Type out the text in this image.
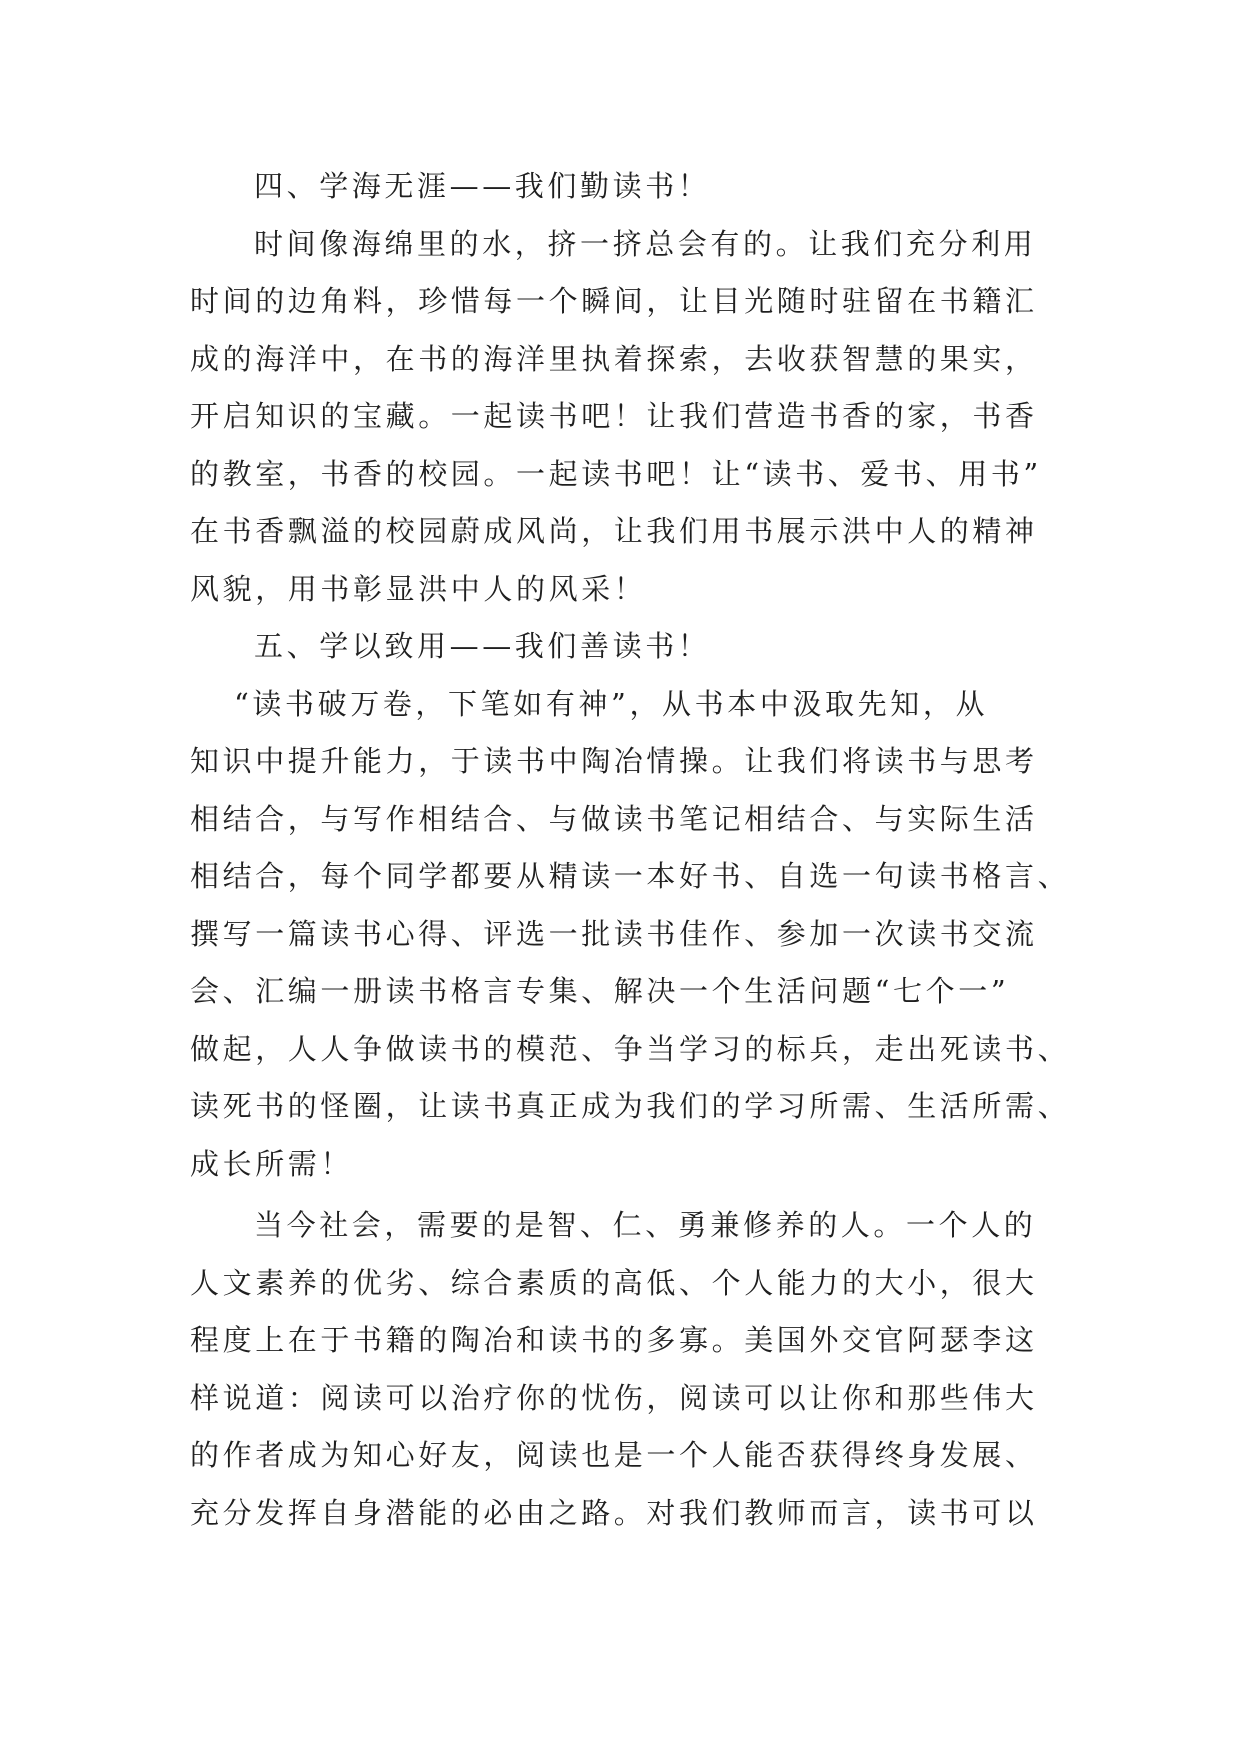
四、学海无涯——我们勤读书！
时间像海绵里的水，挤一挤总会有的。让我们充分利用
时间的边角料，珍惜每一个瞬间，让目光随时驻留在书籍汇
成的海洋中，在书的海洋里执着探索，去收获智慧的果实，
开启知识的宝藏。一起读书吧！让我们营造书香的家，书香
的教室，书香的校园。一起读书吧！让“读书、爱书、用书”
在书香飘溢的校园蔚成风尚，让我们用书展示洪中人的精神
风貌，用书彰显洪中人的风采！
五、学以致用——我们善读书！
“读书破万卷，下笔如有神”，从书本中汲取先知，从
知识中提升能力，于读书中陶冶情操。让我们将读书与思考
相结合，与写作相结合、与做读书笔记相结合、与实际生活
相结合，每个同学都要从精读一本好书、自选一句读书格言、
撰写一篇读书心得、评选一批读书佳作、参加一次读书交流
会、汇编一册读书格言专集、解决一个生活问题“七个一”
做起，人人争做读书的模范、争当学习的标兵，走出死读书、
读死书的怪圈，让读书真正成为我们的学习所需、生活所需、
成长所需！
当今社会，需要的是智、仁、勇兼修养的人。一个人的
人文素养的优劣、综合素质的高低、个人能力的大小，很大
程度上在于书籍的陶冶和读书的多寡。美国外交官阿瑟李这
样说道：阅读可以治疗你的忧伤，阅读可以让你和那些伟大
的作者成为知心好友，阅读也是一个人能否获得终身发展、
充分发挥自身潜能的必由之路。对我们教师而言，读书可以
